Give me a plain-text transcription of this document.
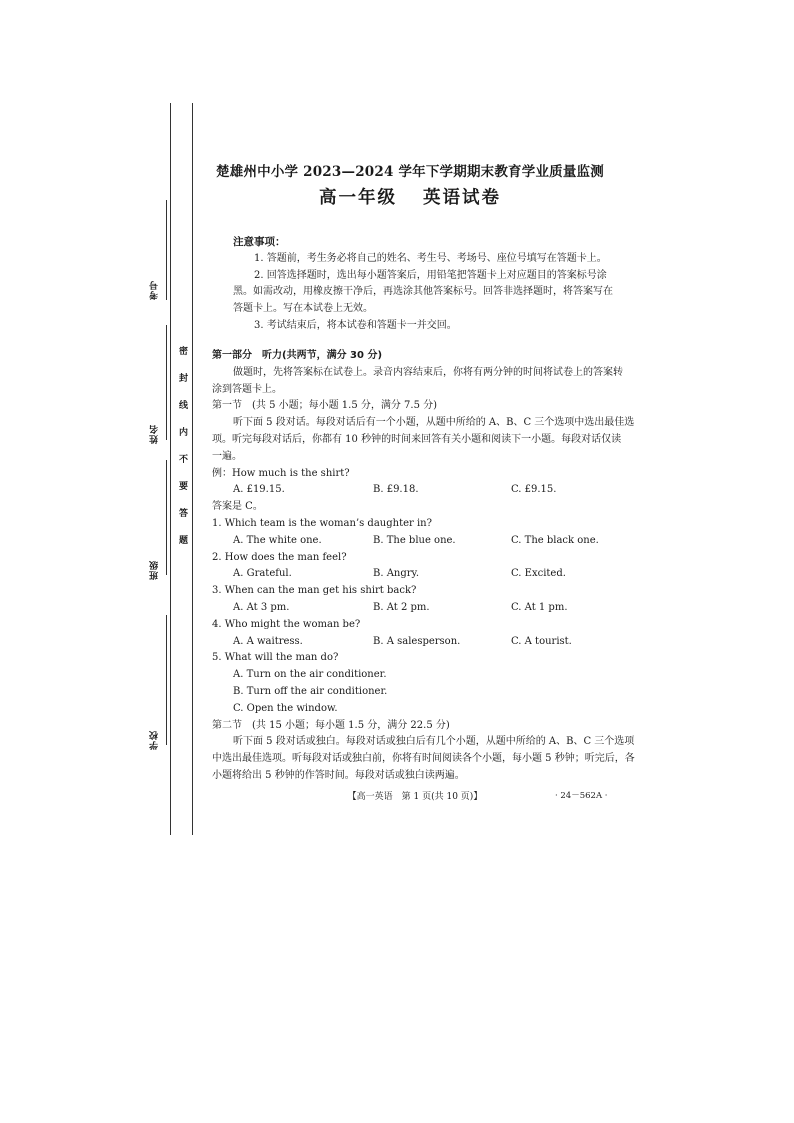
考号
姓名
班级
学校
密封线内不要答题
楚雄州中小学 2023—2024 学年下学期期末教育学业质量监测
高一年级 英语试卷
注意事项：
1. 答题前，考生务必将自己的姓名、考生号、考场号、座位号填写在答题卡上。
2. 回答选择题时，选出每小题答案后，用铅笔把答题卡上对应题目的答案标号涂
黑。如需改动，用橡皮擦干净后，再选涂其他答案标号。回答非选择题时，将答案写在
答题卡上。写在本试卷上无效。
3. 考试结束后，将本试卷和答题卡一并交回。
第一部分　听力(共两节，满分 30 分)
做题时，先将答案标在试卷上。录音内容结束后，你将有两分钟的时间将试卷上的答案转
涂到答题卡上。
第一节　(共 5 小题；每小题 1.5 分，满分 7.5 分)
听下面 5 段对话。每段对话后有一个小题，从题中所给的 A、B、C 三个选项中选出最佳选
项。听完每段对话后，你都有 10 秒钟的时间来回答有关小题和阅读下一小题。每段对话仅读
一遍。
例：How much is the shirt?
A. £19.15.	B. £9.18.	C. £9.15.
答案是 C。
1. Which team is the woman’s daughter in?
A. The white one.	B. The blue one.	C. The black one.
2. How does the man feel?
A. Grateful.	B. Angry.	C. Excited.
3. When can the man get his shirt back?
A. At 3 pm.	B. At 2 pm.	C. At 1 pm.
4. Who might the woman be?
A. A waitress.	B. A salesperson.	C. A tourist.
5. What will the man do?
A. Turn on the air conditioner.
B. Turn off the air conditioner.
C. Open the window.
第二节　(共 15 小题；每小题 1.5 分，满分 22.5 分)
听下面 5 段对话或独白。每段对话或独白后有几个小题，从题中所给的 A、B、C 三个选项
中选出最佳选项。听每段对话或独白前，你将有时间阅读各个小题，每小题 5 秒钟；听完后，各
小题将给出 5 秒钟的作答时间。每段对话或独白读两遍。
【高一英语　第 1 页(共 10 页)】	· 24－562A ·
